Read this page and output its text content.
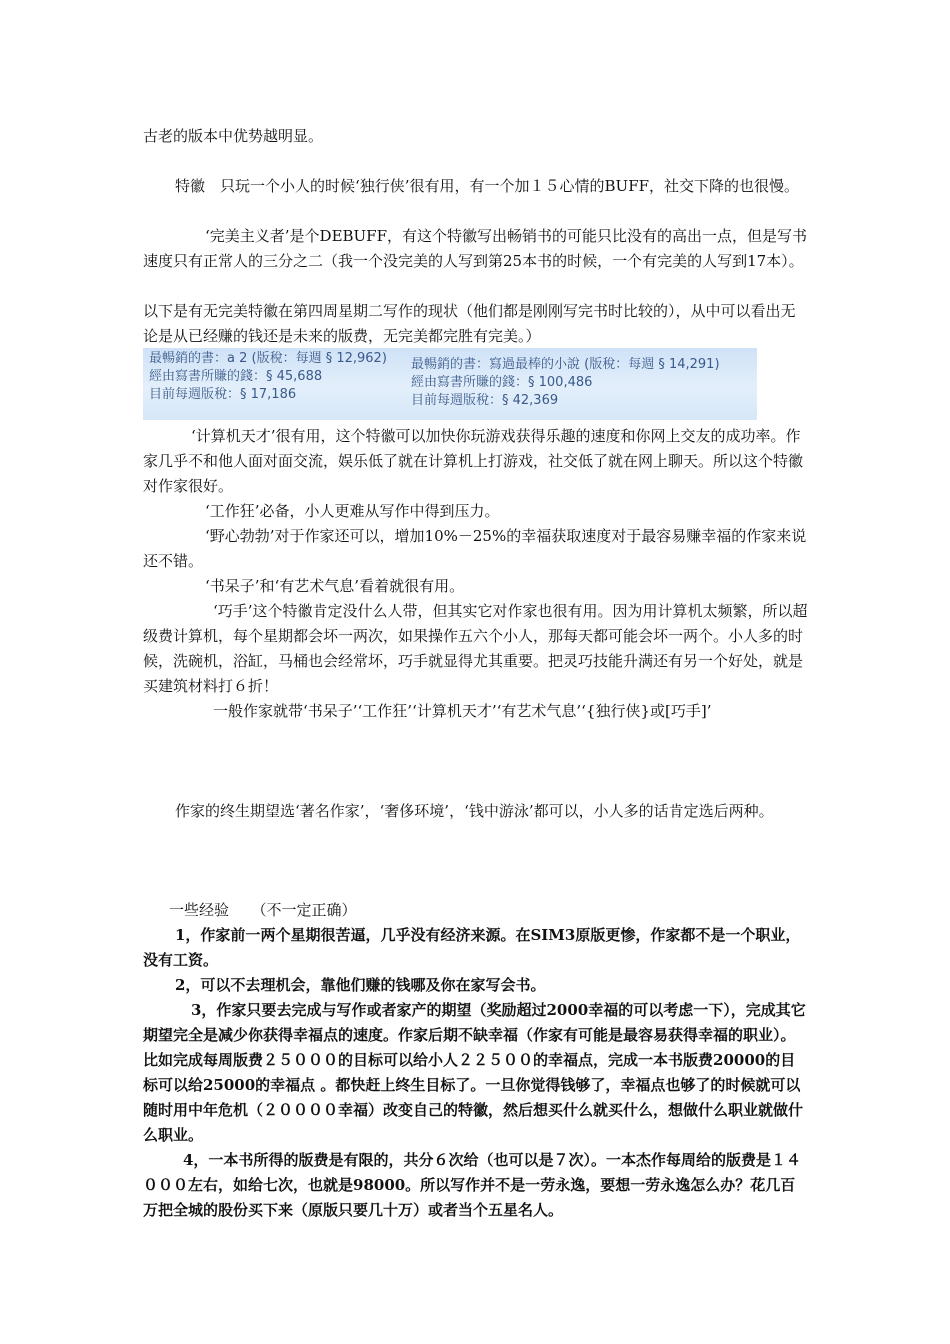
古老的版本中优势越明显。
特徽　只玩一个小人的时候‘独行侠’很有用，有一个加１５心情的BUFF，社交下降的也很慢。
‘完美主义者’是个DEBUFF，有这个特徽写出畅销书的可能只比没有的高出一点，但是写书速度只有正常人的三分之二（我一个没完美的人写到第25本书的时候，一个有完美的人写到17本）。
以下是有无完美特徽在第四周星期二写作的现状（他们都是刚刚写完书时比较的），从中可以看出无论是从已经赚的钱还是未来的版费，无完美都完胜有完美。）
最暢銷的書：a 2 (版稅：每週 § 12,962)
經由寫書所賺的錢：§ 45,688
目前每週版稅：§ 17,186
最暢銷的書：寫過最棒的小說 (版稅：每週 § 14,291)
經由寫書所賺的錢：§ 100,486
目前每週版稅：§ 42,369
‘计算机天才’很有用，这个特徽可以加快你玩游戏获得乐趣的速度和你网上交友的成功率。作家几乎不和他人面对面交流，娱乐低了就在计算机上打游戏，社交低了就在网上聊天。所以这个特徽对作家很好。
‘工作狂’必备，小人更难从写作中得到压力。
‘野心勃勃’对于作家还可以，增加10%－25%的幸福获取速度对于最容易赚幸福的作家来说还不错。
‘书呆子’和‘有艺术气息’看着就很有用。
‘巧手’这个特徽肯定没什么人带，但其实它对作家也很有用。因为用计算机太频繁，所以超级费计算机，每个星期都会坏一两次，如果操作五六个小人，那每天都可能会坏一两个。小人多的时候，洗碗机，浴缸，马桶也会经常坏，巧手就显得尤其重要。把灵巧技能升满还有另一个好处，就是买建筑材料打６折！
一般作家就带‘书呆子’‘工作狂’‘计算机天才’‘有艺术气息’‘{独行侠}或[巧手]’
作家的终生期望选‘著名作家’，‘奢侈环境’，‘钱中游泳’都可以，小人多的话肯定选后两种。
一些经验　　（不一定正确）
1，作家前一两个星期很苦逼，几乎没有经济来源。在SIM3原版更惨，作家都不是一个职业，没有工资。
2，可以不去理机会，靠他们赚的钱哪及你在家写会书。
3，作家只要去完成与写作或者家产的期望（奖励超过2000幸福的可以考虑一下），完成其它期望完全是减少你获得幸福点的速度。作家后期不缺幸福（作家有可能是最容易获得幸福的职业）。比如完成每周版费２５０００的目标可以给小人２２５００的幸福点，完成一本书版费20000的目标可以给25000的幸福点 。都快赶上终生目标了。一旦你觉得钱够了，幸福点也够了的时候就可以随时用中年危机（２００００幸福）改变自己的特徽，然后想买什么就买什么，想做什么职业就做什么职业。
4，一本书所得的版费是有限的，共分６次给（也可以是７次）。一本杰作每周给的版费是１４０００左右，如给七次，也就是98000。所以写作并不是一劳永逸，要想一劳永逸怎么办？花几百万把全城的股份买下来（原版只要几十万）或者当个五星名人。
